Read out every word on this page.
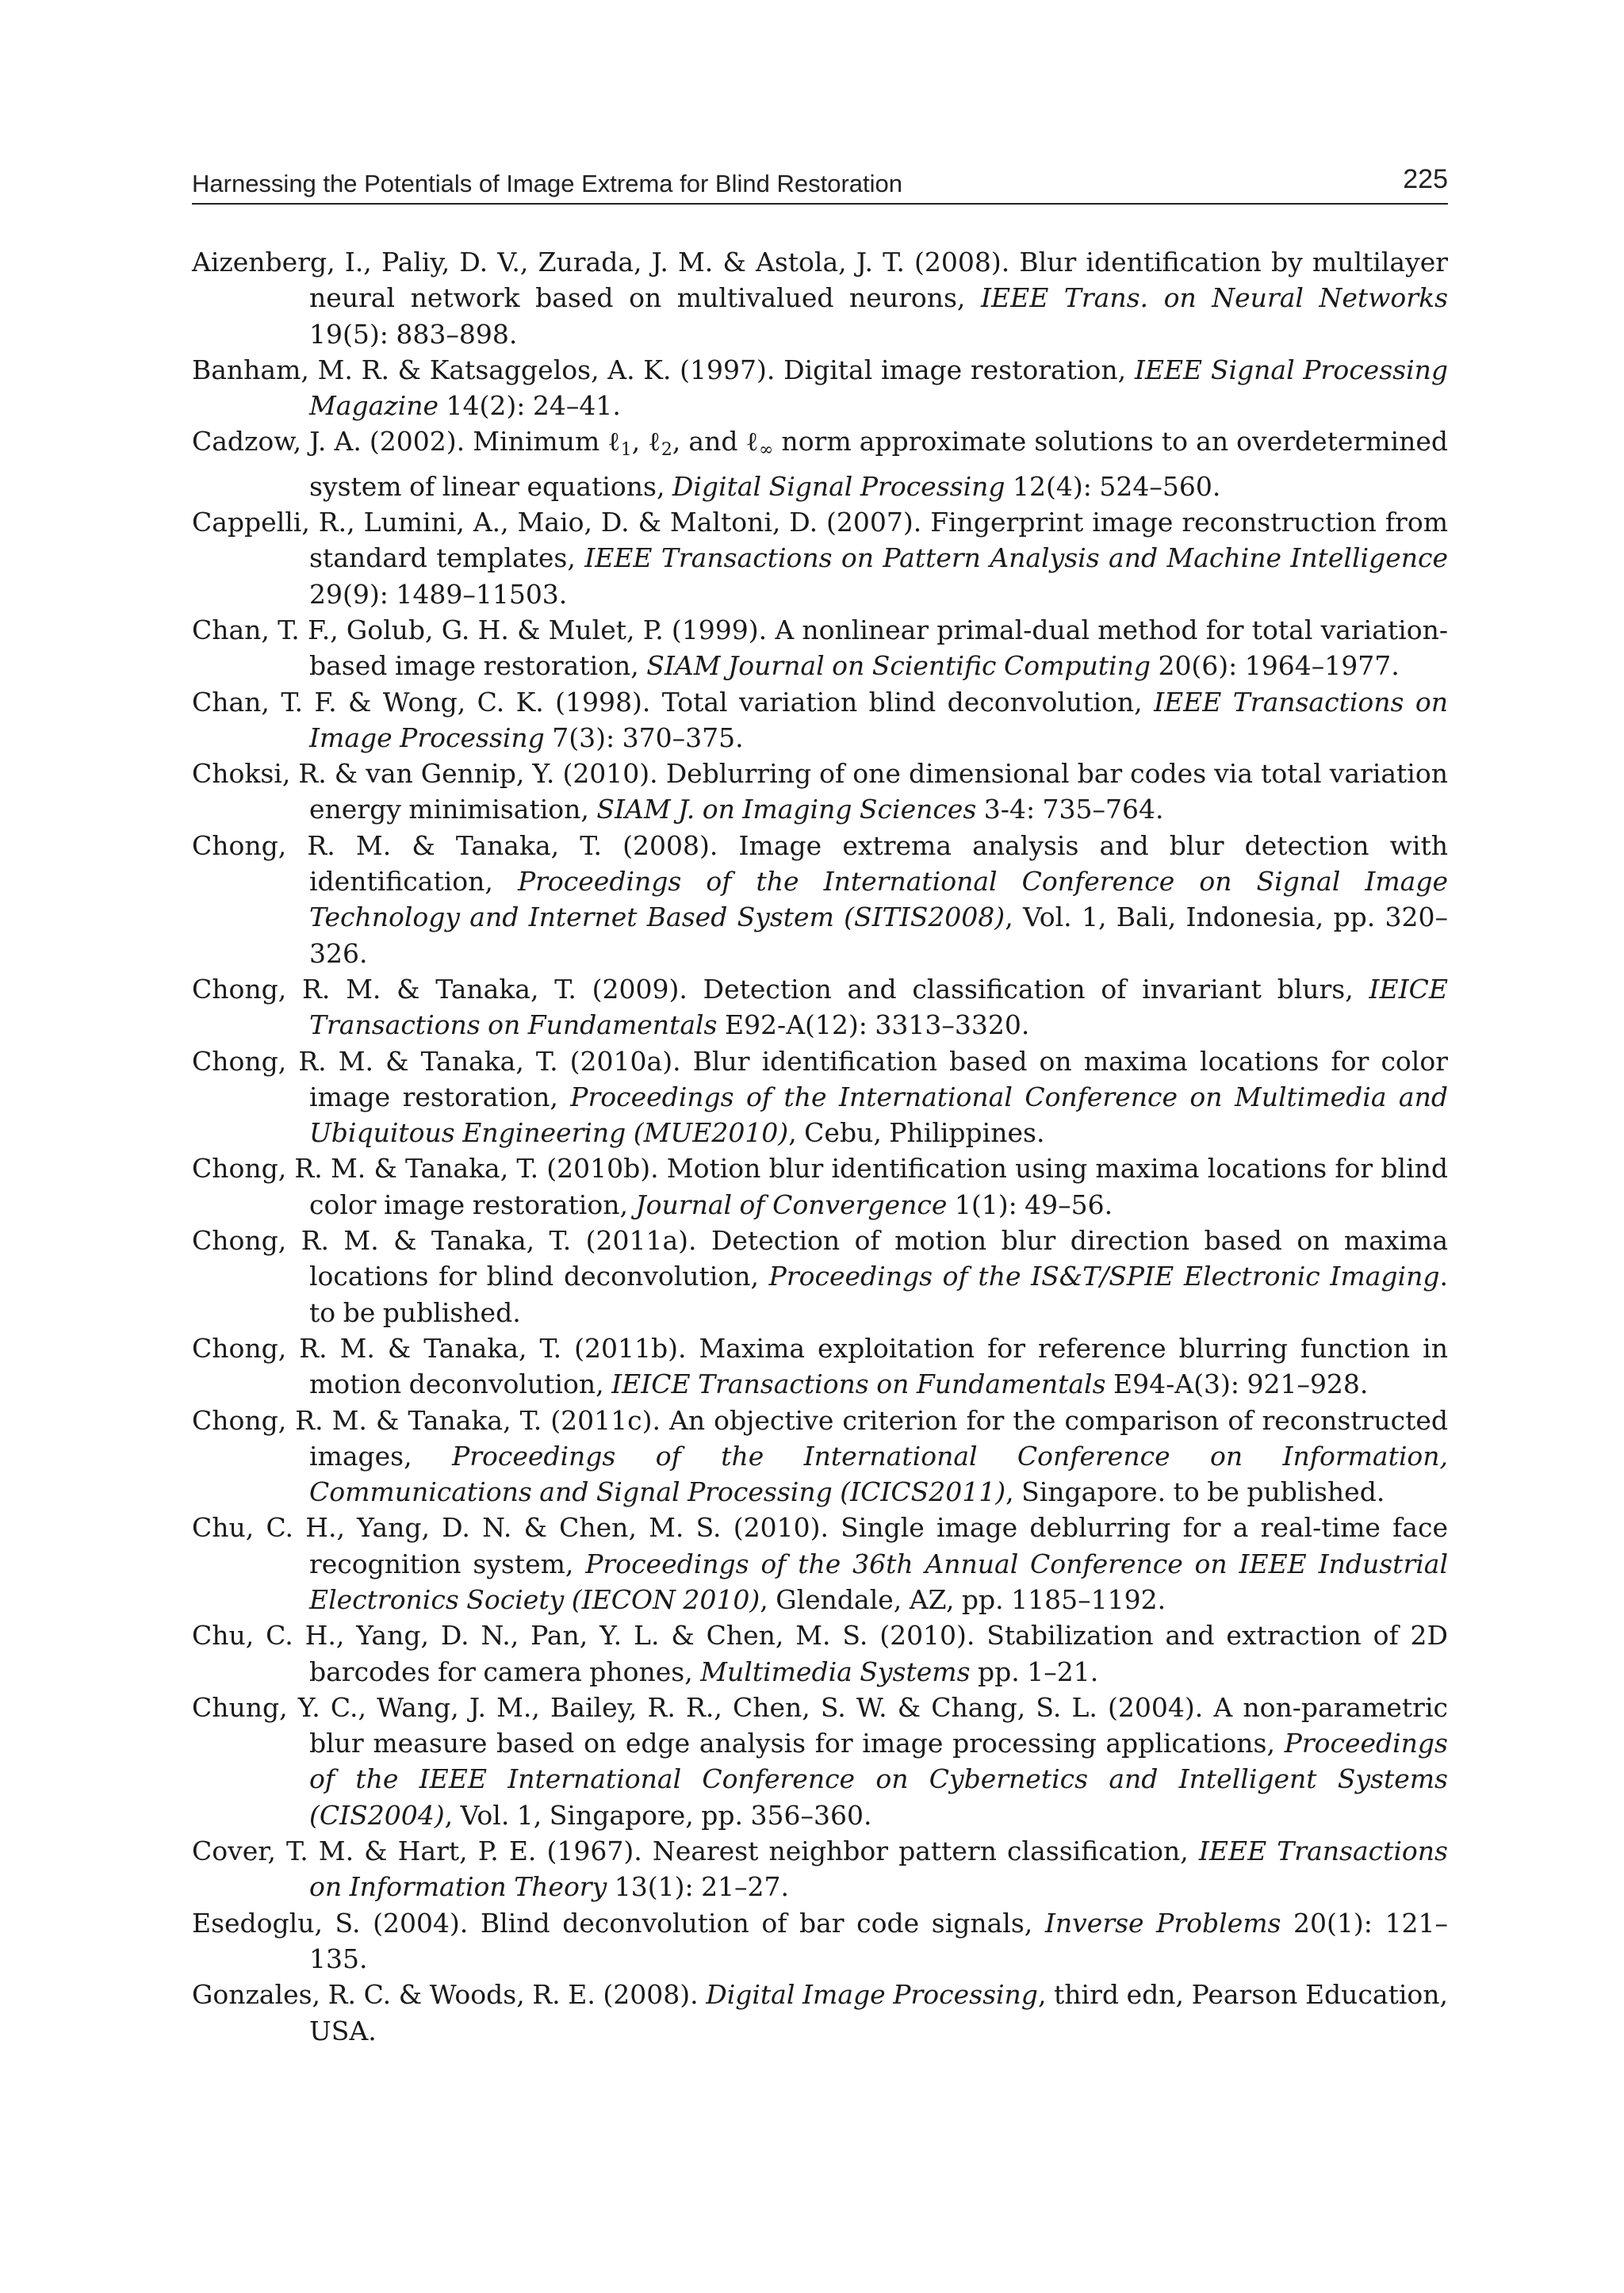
Harnessing the Potentials of Image Extrema for Blind Restoration	225
Aizenberg, I., Paliy, D. V., Zurada, J. M. & Astola, J. T. (2008). Blur identification by multilayer neural network based on multivalued neurons, IEEE Trans. on Neural Networks 19(5): 883–898.
Banham, M. R. & Katsaggelos, A. K. (1997). Digital image restoration, IEEE Signal Processing Magazine 14(2): 24–41.
Cadzow, J. A. (2002). Minimum ℓ$_1$, ℓ$_2$, and ℓ$_\infty$ norm approximate solutions to an overdetermined system of linear equations, Digital Signal Processing 12(4): 524–560.
Cappelli, R., Lumini, A., Maio, D. & Maltoni, D. (2007). Fingerprint image reconstruction from standard templates, IEEE Transactions on Pattern Analysis and Machine Intelligence 29(9): 1489–11503.
Chan, T. F., Golub, G. H. & Mulet, P. (1999). A nonlinear primal-dual method for total variation-based image restoration, SIAM Journal on Scientific Computing 20(6): 1964–1977.
Chan, T. F. & Wong, C. K. (1998). Total variation blind deconvolution, IEEE Transactions on Image Processing 7(3): 370–375.
Choksi, R. & van Gennip, Y. (2010). Deblurring of one dimensional bar codes via total variation energy minimisation, SIAM J. on Imaging Sciences 3-4: 735–764.
Chong, R. M. & Tanaka, T. (2008). Image extrema analysis and blur detection with identification, Proceedings of the International Conference on Signal Image Technology and Internet Based System (SITIS2008), Vol. 1, Bali, Indonesia, pp. 320–326.
Chong, R. M. & Tanaka, T. (2009). Detection and classification of invariant blurs, IEICE Transactions on Fundamentals E92-A(12): 3313–3320.
Chong, R. M. & Tanaka, T. (2010a). Blur identification based on maxima locations for color image restoration, Proceedings of the International Conference on Multimedia and Ubiquitous Engineering (MUE2010), Cebu, Philippines.
Chong, R. M. & Tanaka, T. (2010b). Motion blur identification using maxima locations for blind color image restoration, Journal of Convergence 1(1): 49–56.
Chong, R. M. & Tanaka, T. (2011a). Detection of motion blur direction based on maxima locations for blind deconvolution, Proceedings of the IS&T/SPIE Electronic Imaging. to be published.
Chong, R. M. & Tanaka, T. (2011b). Maxima exploitation for reference blurring function in motion deconvolution, IEICE Transactions on Fundamentals E94-A(3): 921–928.
Chong, R. M. & Tanaka, T. (2011c). An objective criterion for the comparison of reconstructed images, Proceedings of the International Conference on Information, Communications and Signal Processing (ICICS2011), Singapore. to be published.
Chu, C. H., Yang, D. N. & Chen, M. S. (2010). Single image deblurring for a real-time face recognition system, Proceedings of the 36th Annual Conference on IEEE Industrial Electronics Society (IECON 2010), Glendale, AZ, pp. 1185–1192.
Chu, C. H., Yang, D. N., Pan, Y. L. & Chen, M. S. (2010). Stabilization and extraction of 2D barcodes for camera phones, Multimedia Systems pp. 1–21.
Chung, Y. C., Wang, J. M., Bailey, R. R., Chen, S. W. & Chang, S. L. (2004). A non-parametric blur measure based on edge analysis for image processing applications, Proceedings of the IEEE International Conference on Cybernetics and Intelligent Systems (CIS2004), Vol. 1, Singapore, pp. 356–360.
Cover, T. M. & Hart, P. E. (1967). Nearest neighbor pattern classification, IEEE Transactions on Information Theory 13(1): 21–27.
Esedoglu, S. (2004). Blind deconvolution of bar code signals, Inverse Problems 20(1): 121–135.
Gonzales, R. C. & Woods, R. E. (2008). Digital Image Processing, third edn, Pearson Education, USA.
